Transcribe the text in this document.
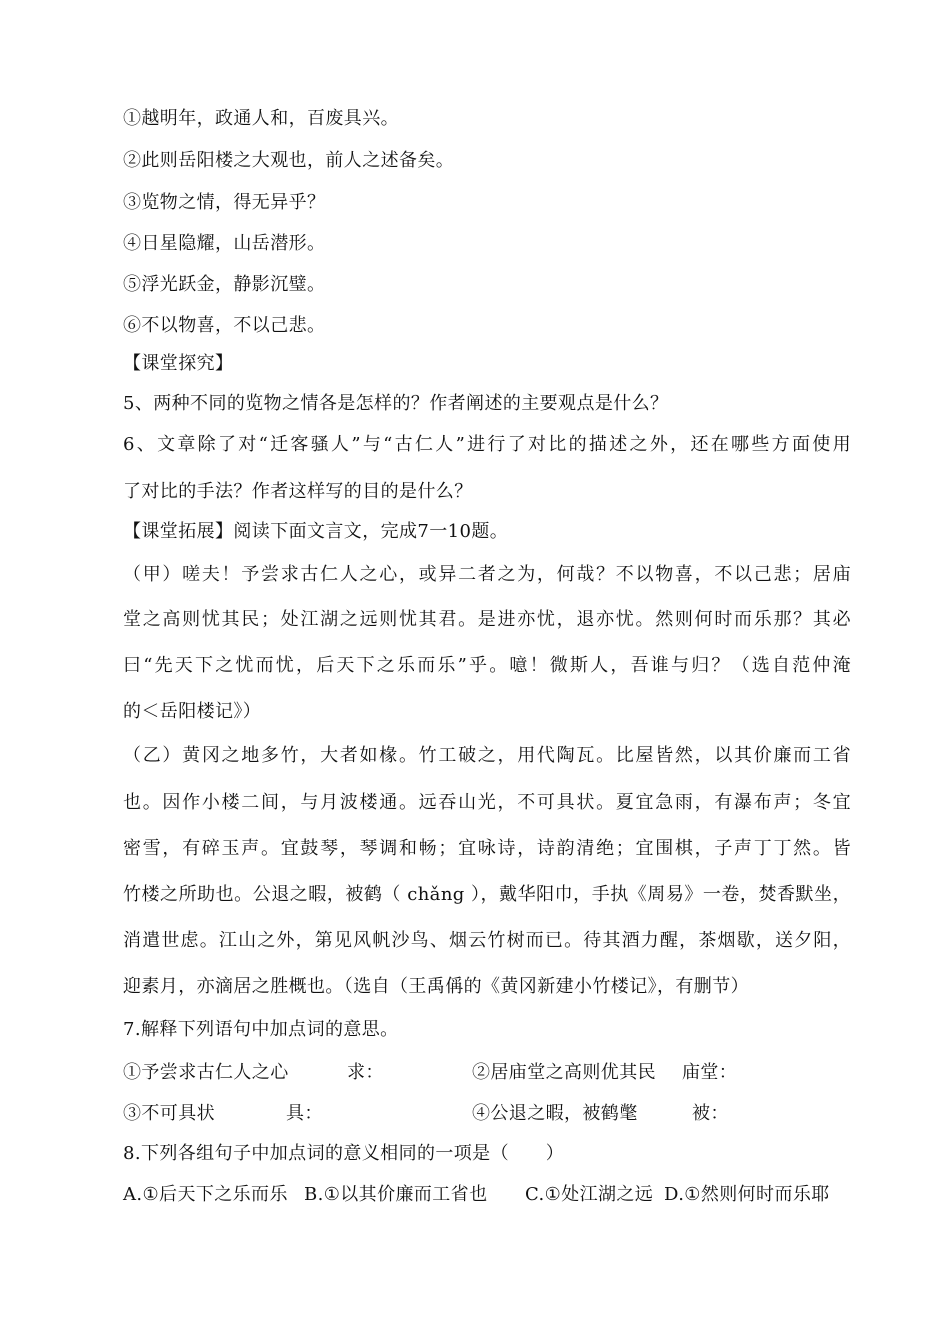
①越明年，政通人和，百废具兴。
②此则岳阳楼之大观也，前人之述备矣。
③览物之情，得无异乎？
④日星隐耀，山岳潜形。
⑤浮光跃金，静影沉璧。
⑥不以物喜，不以己悲。
【课堂探究】
5、两种不同的览物之情各是怎样的？作者阐述的主要观点是什么？
6、文章除了对“迁客骚人”与“古仁人”进行了对比的描述之外，还在哪些方面使用
了对比的手法？作者这样写的目的是什么？
【课堂拓展】阅读下面文言文，完成7一10题。
（甲）嗟夫！予尝求古仁人之心，或异二者之为，何哉？不以物喜，不以己悲；居庙
堂之高则忧其民；处江湖之远则忧其君。是进亦忧，退亦忧。然则何时而乐那？其必
曰“先天下之忧而忧，后天下之乐而乐”乎。噫！微斯人，吾谁与归？（选自范仲淹
的＜岳阳楼记》）
（乙）黄冈之地多竹，大者如椽。竹工破之，用代陶瓦。比屋皆然，以其价廉而工省
也。因作小楼二间，与月波楼通。远吞山光，不可具状。夏宜急雨，有瀑布声；冬宜
密雪，有碎玉声。宜鼓琴，琴调和畅；宜咏诗，诗韵清绝；宜围棋，子声丁丁然。皆
竹楼之所助也。公退之暇，被鹤（ chǎng ），戴华阳巾，手执《周易》一卷，焚香默坐，
消遣世虑。江山之外，第见风帆沙鸟、烟云竹树而已。待其酒力醒，茶烟歇，送夕阳，
迎素月，亦滴居之胜概也。（选自（王禹偁的《黄冈新建小竹楼记》，有删节）
7.解释下列语句中加点词的意思。
①予尝求古仁人之心	求：	②居庙堂之高则优其民 庙堂：
③不可具状	具：	④公退之暇，被鹤氅	被：
8.下列各组句子中加点词的意义相同的一项是（　　）
A.①后天下之乐而乐 B.①以其价廉而工省也 C.①处江湖之远 D.①然则何时而乐耶
